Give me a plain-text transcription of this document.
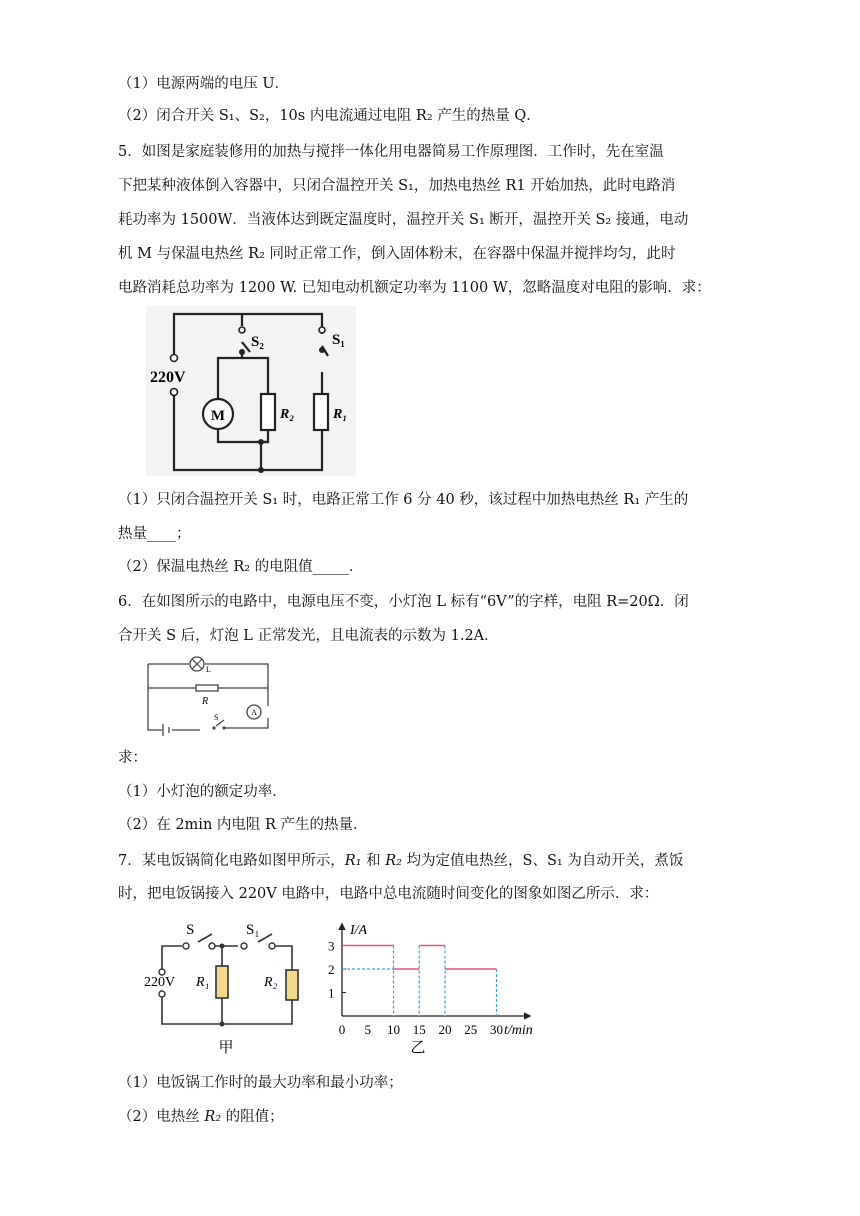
（1）电源两端的电压 U．
（2）闭合开关 S₁、S₂，10s 内电流通过电阻 R₂ 产生的热量 Q．
5．如图是家庭装修用的加热与搅拌一体化用电器简易工作原理图．工作时，先在室温
下把某种液体倒入容器中，只闭合温控开关 S₁，加热电热丝 R1 开始加热，此时电路消
耗功率为 1500W．当液体达到既定温度时，温控开关 S₁ 断开，温控开关 S₂ 接通，电动
机 M 与保温电热丝 R₂ 同时正常工作，倒入固体粉末，在容器中保温并搅拌均匀，此时
电路消耗总功率为 1200 W. 已知电动机额定功率为 1100 W，忽略温度对电阻的影响．求：
220V
M	R₂	R₁
S₂	S₁
（1）只闭合温控开关 S₁ 时，电路正常工作 6 分 40 秒，该过程中加热电热丝 R₁ 产生的
热量____；
（2）保温电热丝 R₂ 的电阻值_____．
6．在如图所示的电路中，电源电压不变，小灯泡 L 标有“6V”的字样，电阻 R=20Ω．闭
合开关 S 后，灯泡 L 正常发光，且电流表的示数为 1.2A．
L
R
S
A
求：
（1）小灯泡的额定功率．
（2）在 2min 内电阻 R 产生的热量．
7．某电饭锅简化电路如图甲所示，R₁ 和 R₂ 均为定值电热丝，S、S₁ 为自动开关，煮饭
时，把电饭锅接入 220V 电路中，电路中总电流随时间变化的图象如图乙所示．求：
S	S₁
220V R₁	R₂
甲
I/A
t/min
3
2
1
0 5 10 15 20 25 30
乙
（1）电饭锅工作时的最大功率和最小功率；
（2）电热丝 R₂ 的阻值；
